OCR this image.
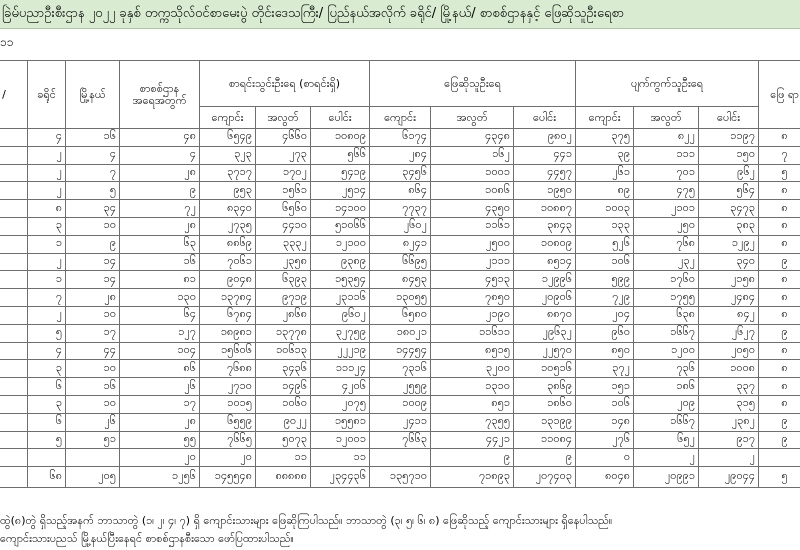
ခြဲမ်ပညာဦးစီးဌာန ၂၀၂၂ ခုနှစ် တက္ကသိုလ်ဝင်စာမေးပွဲ တိုင်းဒေသကြီး/ ပြည်နယ်အလိုက် ခရိုင်/ မြို့နယ်/ စာစစ်ဌာနနှင့် ဖြေဆိုသူဦးရေစာ
၁၁
/	ခရိုင်	မြို့နယ်	စာစစ်ဌာန အရေအတွက်	စာရင်းသွင်းဦးရေ (စာရင်းရှိ)			ဖြေဆိုသူဦးရေ			ပျက်ကွက်သူဦးရေ			ဖြေ ရာ
				ကျောင်း	အလွတ်	ပေါင်း	ကျောင်း	အလွတ်	ပေါင်း	ကျောင်း	အလွတ်	ပေါင်း	
	၄	၁၆	၄၈	၆၅၄၉	၄၆၆၀	၁၀၈၀၉	၆၁၇၄	၄၃၄၈	၉၈၀၂	၃၇၅	၈၂၂	၁၁၉၇	၈
	၂	၄	၄	၃၂၃	၂၇၃	၅၆၆	၂၈၄	၁၆၂	၄၄၁	၃၉	၁၁၁	၁၅၀	၇
	၂	၇	၂၈	၃၇၁၇	၁၇၀၂	၅၄၁၉	၃၄၅၆	၁၀၀၁	၄၄၅၇	၂၆၁	၇၀၁	၉၆၂	၅
	၂	၅	၉	၉၅၃	၁၅၆၁	၂၅၁၄	၈၆၄	၁၀၈၆	၁၉၅၀	၈၉	၄၇၅	၅၆၄	၈
	၈	၃၄	၇၂	၈၃၄၀	၆၅၆၀	၁၄၁၀၀	၇၇၃၇	၄၃၅၀	၁၀၈၈၇	၁၀၀၃	၂၁၀၁	၃၄၇၃	၈
	၃	၁၀	၂၈	၂၇၃၅	၄၄၁၀	၅၁၀၆၆	၂၆၀၂	၁၁၆၁	၃၈၄၃	၁၃၃	၂၅၀	၃၈၃	၈
	၁	၉	၆၃	၈၈၆၉	၃၃၃၂	၁၂၁၀၀	၈၂၄၁	၂၅၀၀	၁၀၈၀၉	၅၂၆	၇၆၈	၁၂၉၂	၈
	၂	၁၄	၁၆	၇၀၆၁	၂၃၅၈	၉၃၈၉	၆၆၉၅	၂၁၁၁	၈၅၁၄	၁၀၆	၂၃၂	၃၄၀	၉
	၁	၁၄	၈၁	၉၀၄၈	၆၃၉၃	၁၅၃၅၄	၈၄၅၃	၄၅၁၃	၁၂၉၉၆	၅၉၉	၁၇၆၀	၂၁၅၈	၈
	၇	၂၈	၁၃၀	၁၃၇၈၄	၉၇၁၉	၂၃၁၁၆	၁၃၀၅၅	၇၈၅၀	၂၀၉၀၆	၇၂၉	၁၇၅၅	၂၄၈၄	၈
	၂	၁၀	၆၄	၆၇၈၄	၂၈၆၈	၉၆၀၂	၆၅၈၀	၂၁၉၀	၈၈၇၀	၂၀၄	၆၃၈	၈၄၂	၈
	၅	၁၇	၁၂၇	၁၈၉၈၁	၁၃၇၇၈	၃၂၇၅၉	၁၈၀၂၁	၁၁၆၁၁	၂၉၆၃၂	၉၆၀	၁၆၆၇	၂၆၂၇	၉
	၄	၄၄	၁၀၄	၁၅၆၀၆	၁၀၆၁၃	၂၂၂၁၉	၁၄၄၅၄	၈၅၁၅	၂၂၅၇၀	၈၅၀	၁၂၀၀	၂၀၅၀	၈
	၃	၁၀	၈၆	၇၆၈၈	၃၄၃၆	၁၁၁၂၄	၇၃၁၆	၃၂၀၀	၁၀၅၁၆	၃၇၂	၇၃၆	၁၀၀၈	၈
	၆	၁၆	၂၆	၂၇၁၀	၁၄၉၆	၄၂၀၆	၂၅၅၉	၁၃၁၀	၃၈၆၉	၁၅၁	၁၈၆	၃၃၇	၈
	၃	၁၀	၁၇	၁၀၁၅	၁၀၆၀	၂၀၇၅	၁၀၀၉	၈၅၁	၁၈၆၀	၁၀၆	၂၀၉	၃၁၅	၈
	၆	၂၆	၂၈	၆၅၅၉	၉၀၂၂	၁၅၅၈၁	၂၄၁၁	၇၃၅၅	၁၃၁၉၉	၁၄၈	၁၆၆၇	၂၃၈၂	၉
	၅	၅၁	၅၅	၇၆၆၅	၅၀၇၃	၁၂၀၀၁	၇၆၆၃	၄၄၂၁	၁၁၀၈၄	၂၇၆	၆၅၂	၉၁၇	၉
			၂၀	၂၀	၁၁	၁၁		၉	၉	၀	၂	၂	
	၆၈	၂၀၅	၁၂၅၆	၁၄၅၅၄၈	၈၈၈၈၈	၂၃၄၄၃၆	၁၃၅၇၁၀	၇၁၈၉၃	၂၀၇၄၀၃	၈၀၄၈	၂၀၉၉၁	၂၉၀၄၄	၅
ထွဲ(၈)တွဲ ရှိသည့်အနက် ဘာသာတွဲ (၁၊ ၂၊ ၄၊ ၇) ရှိ ကျောင်းသားများ ဖြေဆိုကြပါသည်။ ဘာသာတွဲ (၃၊ ၅၊ ၆၊ ၈) ဖြေဆိုသည့် ကျောင်းသားများ ရှိနေပါသည်။
ကျောင်းသားပညသ် မြို့နယ်ပြီးနေရင် စာစစ်ဌာနစီးသော ဖော်ပြထားပါသည်။
